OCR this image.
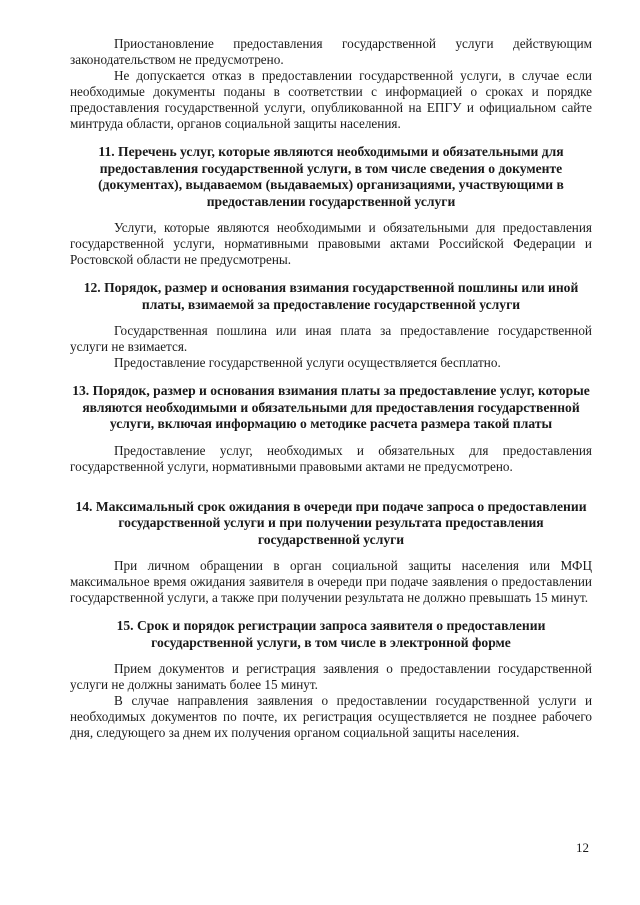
Приостановление предоставления государственной услуги действующим законодательством не предусмотрено.

Не допускается отказ в предоставлении государственной услуги, в случае если необходимые документы поданы в соответствии с информацией о сроках и порядке предоставления государственной услуги, опубликованной на ЕПГУ и официальном сайте минтруда области, органов социальной защиты населения.

11. Перечень услуг, которые являются необходимыми и обязательными для предоставления государственной услуги, в том числе сведения о документе (документах), выдаваемом (выдаваемых) организациями, участвующими в предоставлении государственной услуги

Услуги, которые являются необходимыми и обязательными для предоставления государственной услуги, нормативными правовыми актами Российской Федерации и Ростовской области не предусмотрены.

12. Порядок, размер и основания взимания государственной пошлины или иной платы, взимаемой за предоставление государственной услуги

Государственная пошлина или иная плата за предоставление государственной услуги не взимается.

Предоставление государственной услуги осуществляется бесплатно.

13. Порядок, размер и основания взимания платы за предоставление услуг, которые являются необходимыми и обязательными для предоставления государственной услуги, включая информацию о методике расчета размера такой платы

Предоставление услуг, необходимых и обязательных для предоставления государственной услуги, нормативными правовыми актами не предусмотрено.

14. Максимальный срок ожидания в очереди при подаче запроса о предоставлении государственной услуги и при получении результата предоставления государственной услуги

При личном обращении в орган социальной защиты населения или МФЦ максимальное время ожидания заявителя в очереди при подаче заявления о предоставлении государственной услуги, а также при получении результата не должно превышать 15 минут.

15. Срок и порядок регистрации запроса заявителя о предоставлении государственной услуги, в том числе в электронной форме

Прием документов и регистрация заявления о предоставлении государственной услуги не должны занимать более 15 минут.

В случае направления заявления о предоставлении государственной услуги и необходимых документов по почте, их регистрация осуществляется не позднее рабочего дня, следующего за днем их получения органом социальной защиты населения.

12
